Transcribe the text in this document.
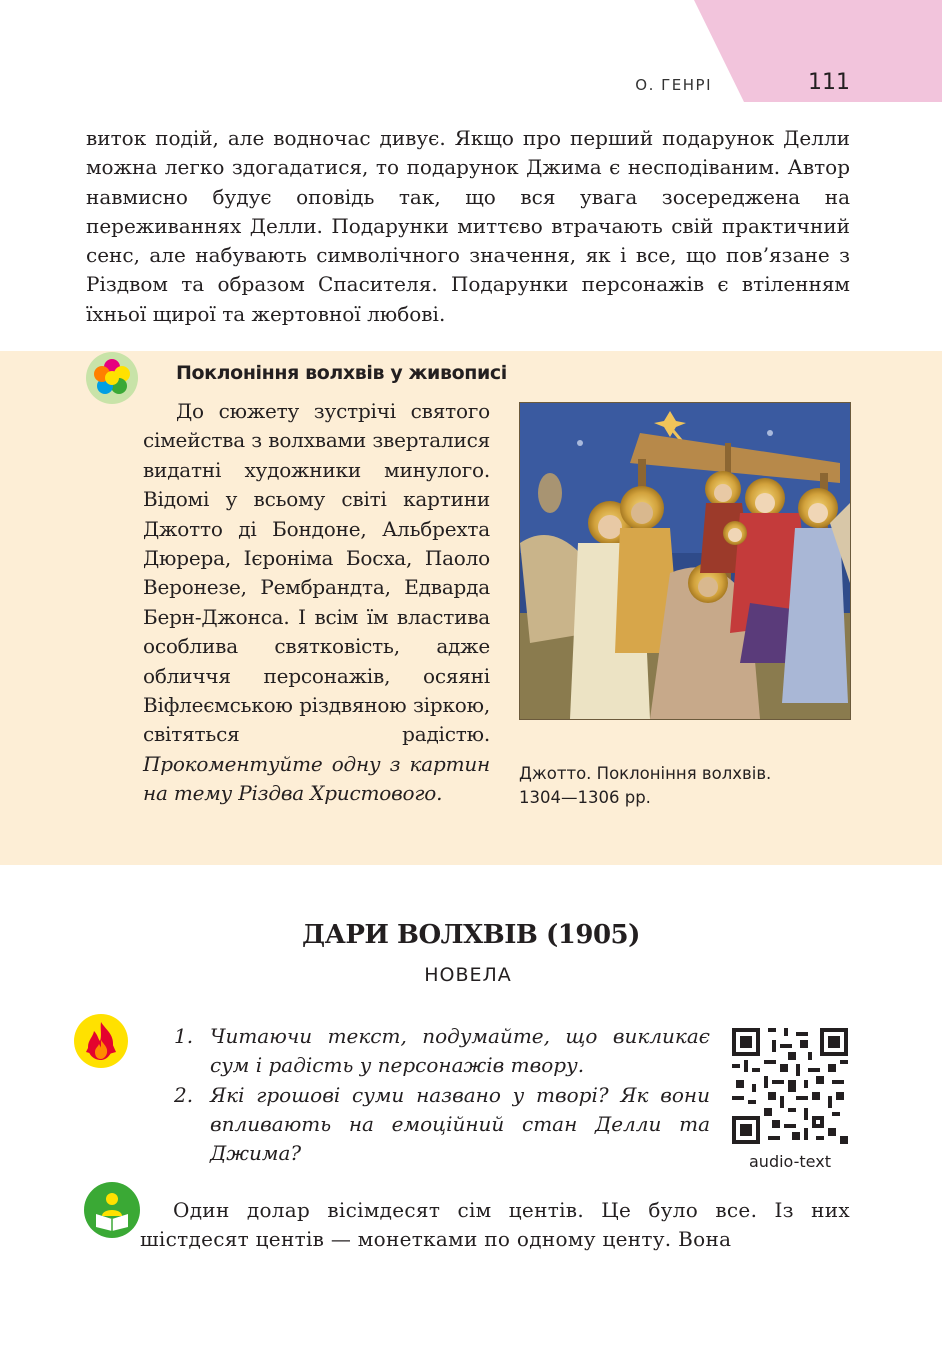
О. ГЕНРІ	111

виток подій, але водночас дивує. Якщо про перший подарунок Делли можна легко здогадатися, то подарунок Джима є несподіваним. Автор навмисно будує оповідь так, що вся увага зосереджена на переживаннях Делли. Подарунки миттєво втрачають свій практичний сенс, але набувають символічного значення, як і все, що пов’язане з Різдвом та образом Спасителя. Подарунки персонажів є втіленням їхньої щирої та жертовної любові.

Поклоніння волхвів у живописі

До сюжету зустрічі святого сімейства з волхвами зверталися видатні художники минулого. Відомі у всьому світі картини Джотто ді Бондоне, Альбрехта Дюрера, Ієроніма Босха, Паоло Веронезе, Рембрандта, Едварда Берн-Джонса. І всім їм властива особлива святковість, адже обличчя персонажів, осяяні Віфлеємською різдвяною зіркою, світяться радістю. Прокоментуйте одну з картин на тему Різдва Христового.

Джотто. Поклоніння волхвів.
1304—1306 рр.
ДАРИ ВОЛХВІВ (1905)
НОВЕЛА
1. Читаючи текст, подумайте, що викликає сум і радість у персонажів твору.
2. Які грошові суми названо у творі? Як вони впливають на емоційний стан Делли та Джима?	audio-text

Один долар вісімдесят сім центів. Це було все. Із них шістдесят центів — монетками по одному центу. Вона
